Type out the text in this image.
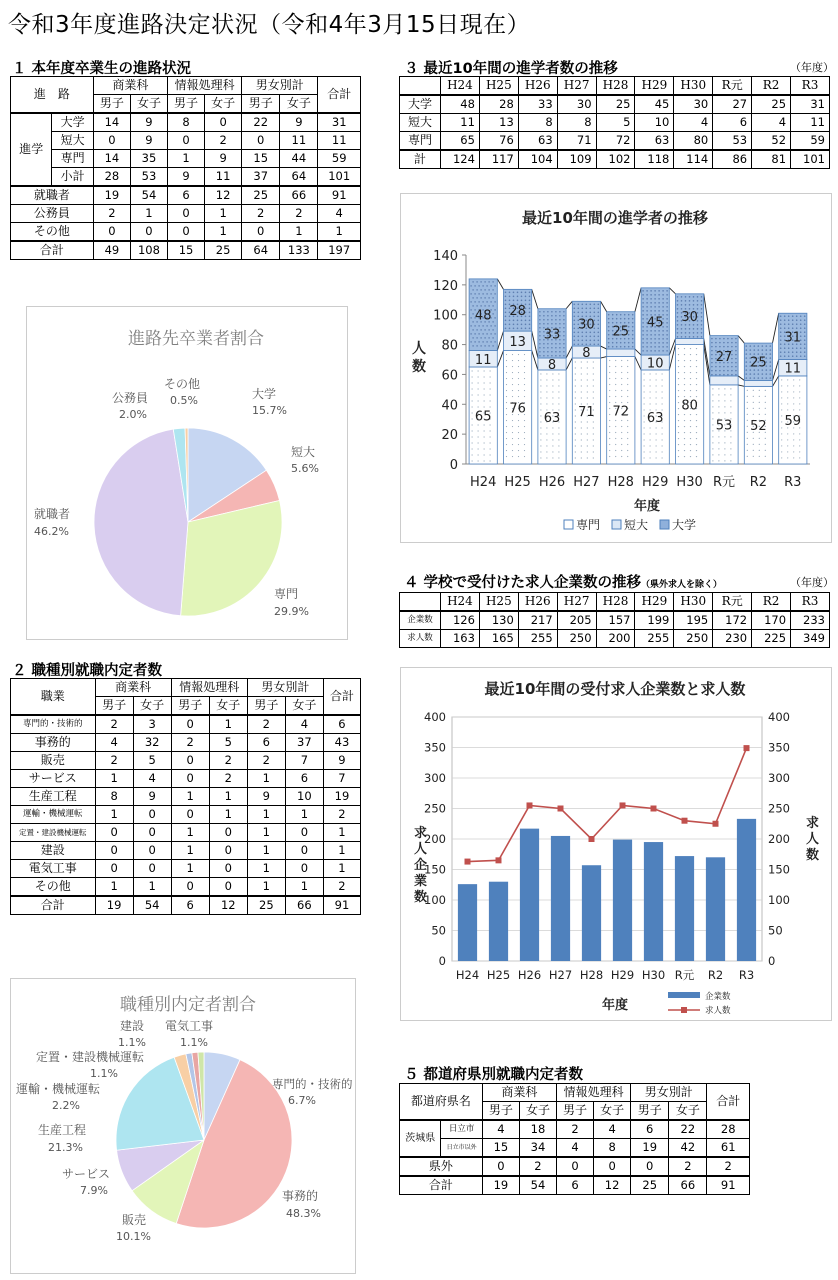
令和3年度進路決定状況（令和4年3月15日現在）
１ 本年度卒業生の進路状況
進　路		商業科		情報処理科		男女別計		合計
		男子	女子	男子	女子	男子	女子	
進学	大学	14	9	8	0	22	9	31
	短大	0	9	0	2	0	11	11
	専門	14	35	1	9	15	44	59
	小計	28	53	9	11	37	64	101
就職者		19	54	6	12	25	66	91
公務員		2	1	0	1	2	2	4
その他		0	0	0	1	0	1	1
合計		49	108	15	25	64	133	197
進路先卒業者割合
大学
15.7%
短大
5.6%
専門
29.9%
就職者
46.2%
公務員
2.0%
その他
0.5%
２ 職種別就職内定者数
職業	商業科		情報処理科		男女別計		合計
	男子	女子	男子	女子	男子	女子	
専門的・技術的	2	3	0	1	2	4	6
事務的	4	32	2	5	6	37	43
販売	2	5	0	2	2	7	9
サービス	1	4	0	2	1	6	7
生産工程	8	9	1	1	9	10	19
運輸・機械運転	1	0	0	1	1	1	2
定置・建設機械運転	0	0	1	0	1	0	1
建設	0	0	1	0	1	0	1
電気工事	0	0	1	0	1	0	1
その他	1	1	0	0	1	1	2
合計	19	54	6	12	25	66	91
職種別内定者割合
専門的・技術的
6.7%
事務的
48.3%
販売
10.1%
サービス
7.9%
生産工程
21.3%
運輸・機械運転
2.2%
定置・建設機械運転
1.1%
建設
1.1%
電気工事
1.1%
３ 最近10年間の進学者数の推移	（年度）
	H24	H25	H26	H27	H28	H29	H30	R元	R2	R3
大学	48	28	33	30	25	45	30	27	25	31
短大	11	13	8	8	5	10	4	6	4	11
専門	65	76	63	71	72	63	80	53	52	59
計	124	117	104	109	102	118	114	86	81	101
最近10年間の進学者の推移
人数
年度
0
20
40
60
80
100
120
140
65
11
48
H24
76
13
28
H25
63
8
33
H26
71
8
30
H27
72
25
H28
63
10
45
H29
80
30
H30
53
27
R元
52
25
R2
59
11
31
R3
専門 短大 大学
４ 学校で受付けた求人企業数の推移（県外求人を除く）	（年度）
	H24	H25	H26	H27	H28	H29	H30	R元	R2	R3
企業数	126	130	217	205	157	199	195	172	170	233
求人数	163	165	255	250	200	255	250	230	225	349
最近10年間の受付求人企業数と求人数
求人企業数
求人数
年度
0	0
50	50
100	100
150	150
200	200
250	250
300	300
350	350
400	400
H24 H25 H26 H27 H28 H29 H30 R元 R2 R3
企業数
求人数
５ 都道府県別就職内定者数
都道府県名		商業科		情報処理科		男女別計		合計
		男子	女子	男子	女子	男子	女子	
茨城県	日立市	4	18	2	4	6	22	28
	日立市以外	15	34	4	8	19	42	61
県外		0	2	0	0	0	2	2
合計		19	54	6	12	25	66	91
